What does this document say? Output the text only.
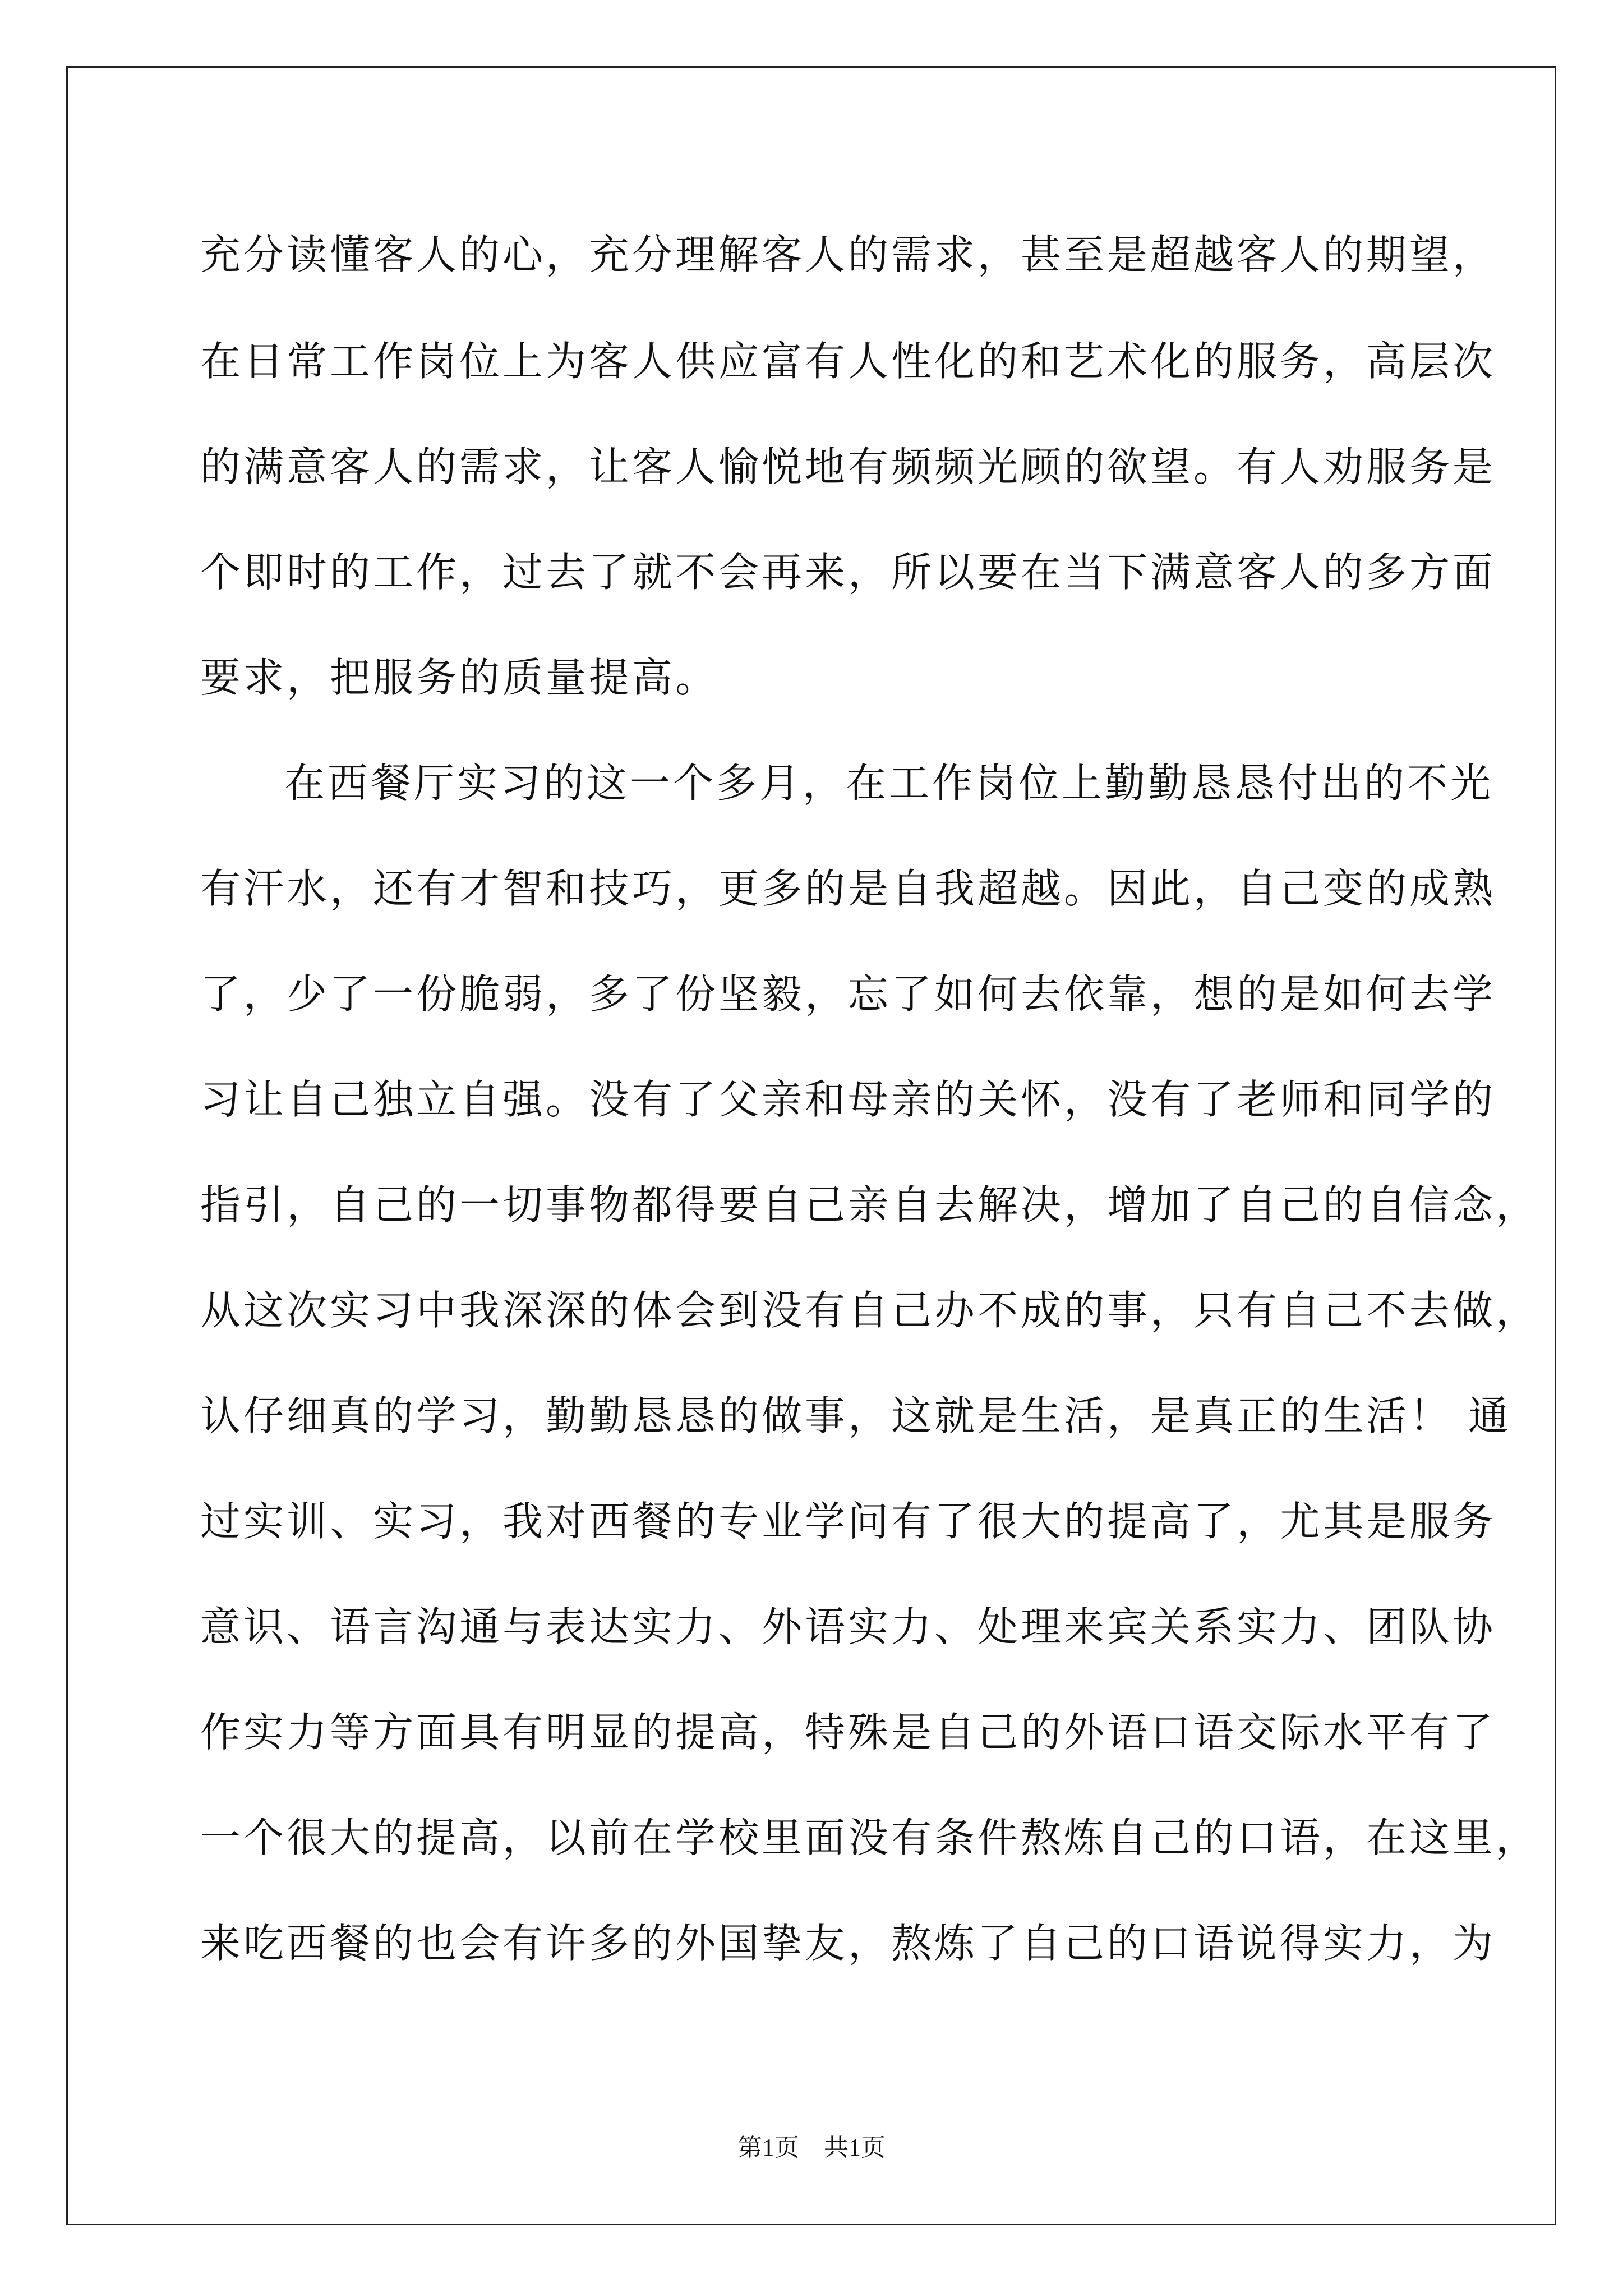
充分读懂客人的心，充分理解客人的需求，甚至是超越客人的期望，
在日常工作岗位上为客人供应富有人性化的和艺术化的服务，高层次
的满意客人的需求，让客人愉悦地有频频光顾的欲望。有人劝服务是
个即时的工作，过去了就不会再来，所以要在当下满意客人的多方面
要求，把服务的质量提高。
在西餐厅实习的这一个多月，在工作岗位上勤勤恳恳付出的不光
有汗水，还有才智和技巧，更多的是自我超越。因此，自己变的成熟
了，少了一份脆弱，多了份坚毅，忘了如何去依靠，想的是如何去学
习让自己独立自强。没有了父亲和母亲的关怀，没有了老师和同学的
指引，自己的一切事物都得要自己亲自去解决，增加了自己的自信念，
从这次实习中我深深的体会到没有自己办不成的事，只有自己不去做，
认仔细真的学习，勤勤恳恳的做事，这就是生活，是真正的生活！ 通
过实训、实习，我对西餐的专业学问有了很大的提高了，尤其是服务
意识、语言沟通与表达实力、外语实力、处理来宾关系实力、团队协
作实力等方面具有明显的提高，特殊是自己的外语口语交际水平有了
一个很大的提高，以前在学校里面没有条件熬炼自己的口语，在这里，
来吃西餐的也会有许多的外国挚友，熬炼了自己的口语说得实力，为
第1页　共1页
